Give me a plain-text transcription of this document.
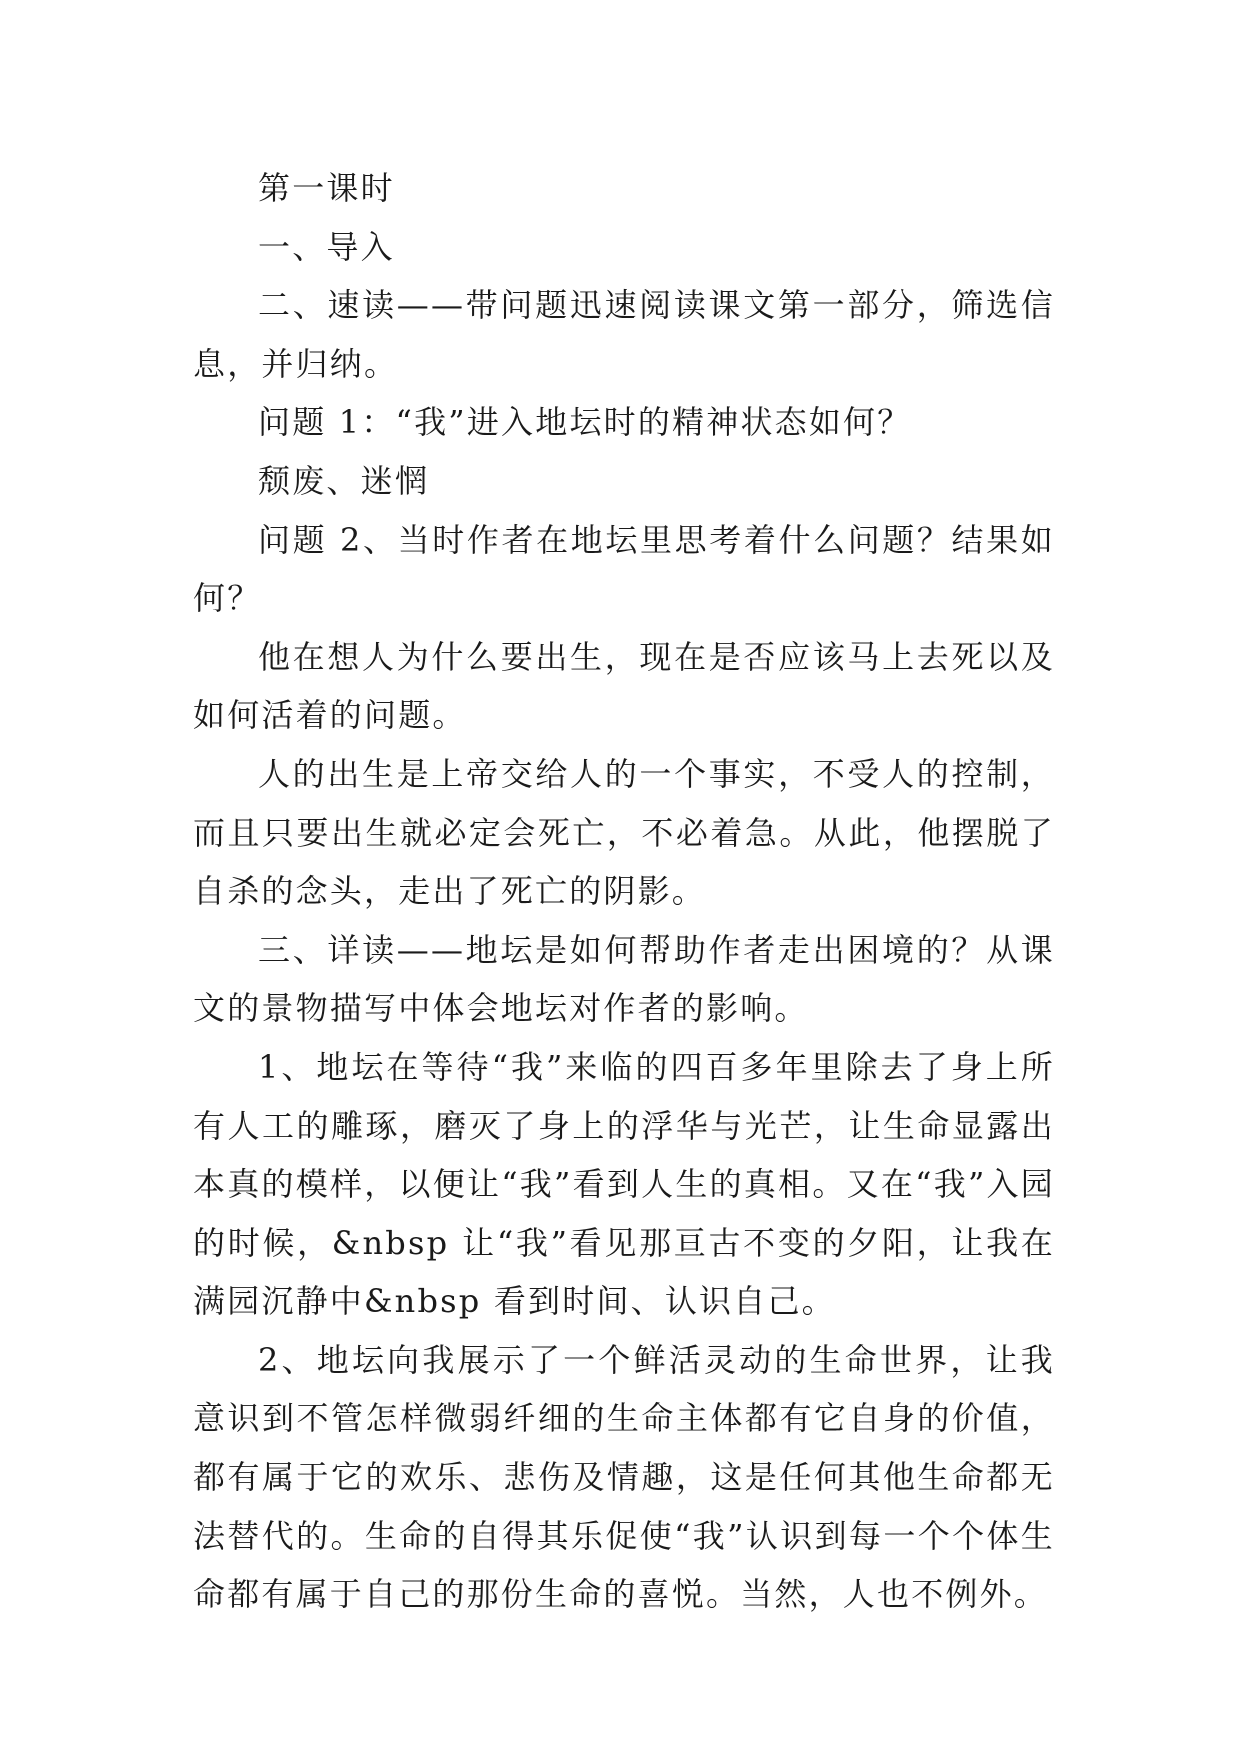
第一课时

一、导入

二、速读——带问题迅速阅读课文第一部分，筛选信息，并归纳。

问题 1：“我”进入地坛时的精神状态如何？

颓废、迷惘

问题 2、当时作者在地坛里思考着什么问题？结果如何？

他在想人为什么要出生，现在是否应该马上去死以及如何活着的问题。

人的出生是上帝交给人的一个事实，不受人的控制，而且只要出生就必定会死亡，不必着急。从此，他摆脱了自杀的念头，走出了死亡的阴影。

三、详读——地坛是如何帮助作者走出困境的？从课文的景物描写中体会地坛对作者的影响。

1、地坛在等待“我”来临的四百多年里除去了身上所有人工的雕琢，磨灭了身上的浮华与光芒，让生命显露出本真的模样，以便让“我”看到人生的真相。又在“我”入园的时候，&nbsp 让“我”看见那亘古不变的夕阳，让我在满园沉静中&nbsp 看到时间、认识自己。

2、地坛向我展示了一个鲜活灵动的生命世界，让我意识到不管怎样微弱纤细的生命主体都有它自身的价值，都有属于它的欢乐、悲伤及情趣，这是任何其他生命都无法替代的。生命的自得其乐促使“我”认识到每一个个体生命都有属于自己的那份生命的喜悦。当然，人也不例外。
